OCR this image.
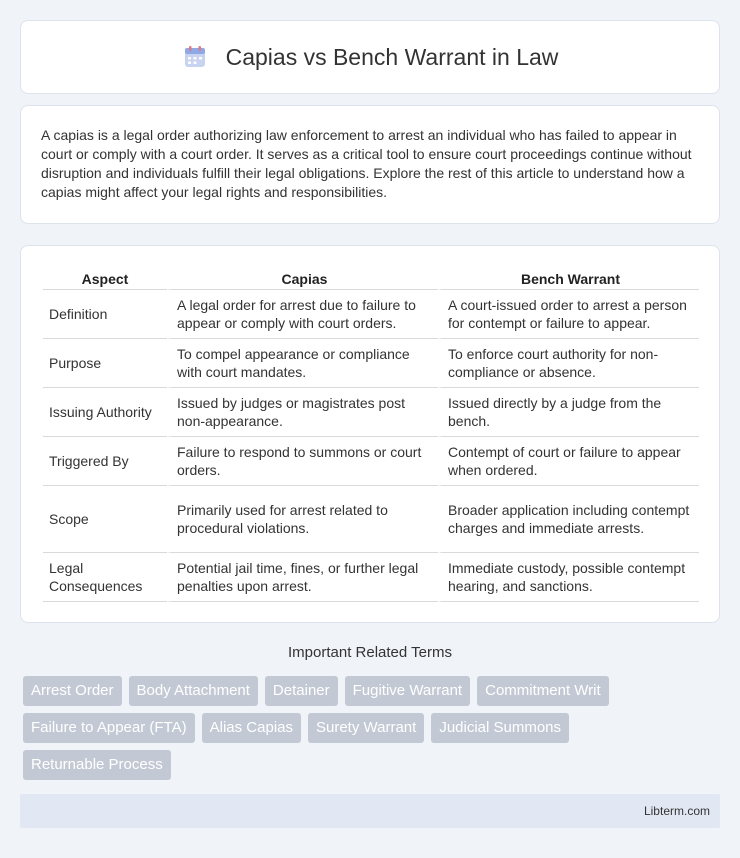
Capias vs Bench Warrant in Law

A capias is a legal order authorizing law enforcement to arrest an individual who has failed to appear in court or comply with a court order. It serves as a critical tool to ensure court proceedings continue without disruption and individuals fulfill their legal obligations. Explore the rest of this article to understand how a capias might affect your legal rights and responsibilities.

Aspect	Capias	Bench Warrant
Definition	A legal order for arrest due to failure to appear or comply with court orders.	A court-issued order to arrest a person for contempt or failure to appear.
Purpose	To compel appearance or compliance with court mandates.	To enforce court authority for non-compliance or absence.
Issuing Authority	Issued by judges or magistrates post non-appearance.	Issued directly by a judge from the bench.
Triggered By	Failure to respond to summons or court orders.	Contempt of court or failure to appear when ordered.
Scope	Primarily used for arrest related to procedural violations.	Broader application including contempt charges and immediate arrests.
Legal Consequences	Potential jail time, fines, or further legal penalties upon arrest.	Immediate custody, possible contempt hearing, and sanctions.
Important Related Terms
Arrest Order	Body Attachment	Detainer	Fugitive Warrant	Commitment Writ
Failure to Appear (FTA)	Alias Capias	Surety Warrant	Judicial Summons
Returnable Process
Libterm.com
